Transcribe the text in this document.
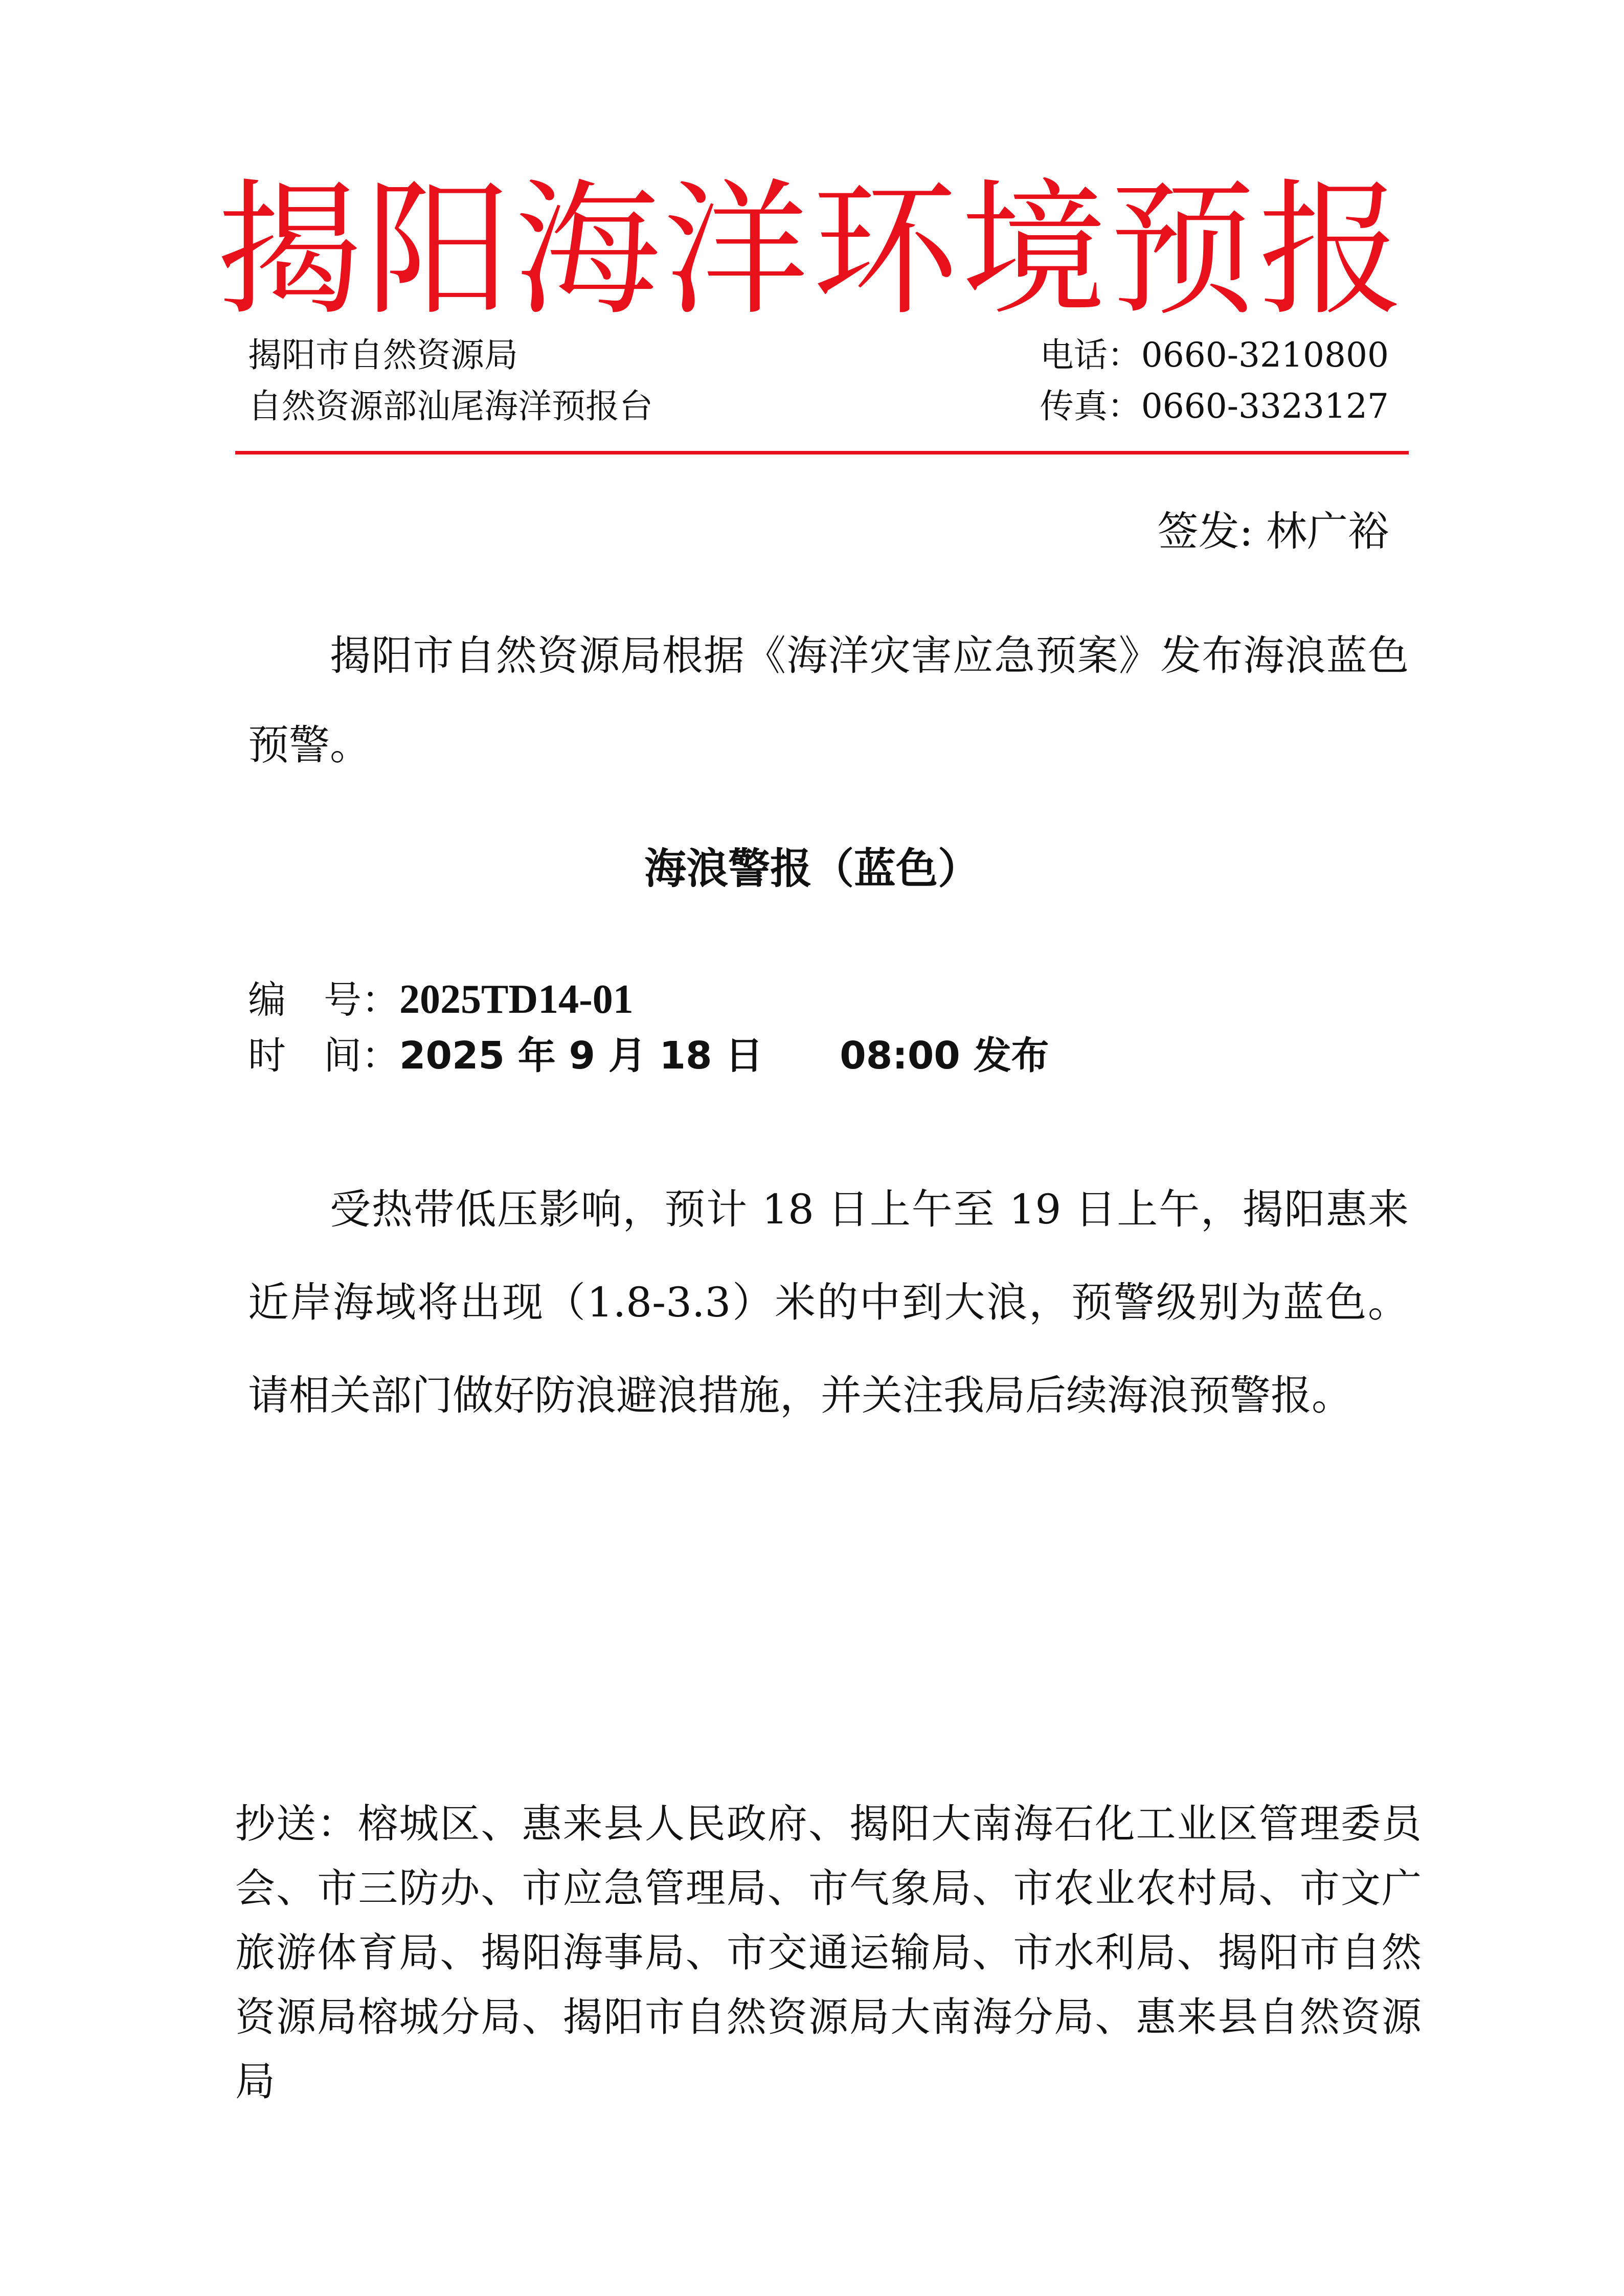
揭阳海洋环境预报
揭阳市自然资源局
自然资源部汕尾海洋预报台
电话：0660-3210800
传真：0660-3323127
签发: 林广裕
揭阳市自然资源局根据《海洋灾害应急预案》发布海浪蓝色预警。
海浪警报（蓝色）
编　号：2025TD14-01
时　间：2025 年 9 月 18 日 08:00 发布
受热带低压影响，预计 18 日上午至 19 日上午，揭阳惠来近岸海域将出现（1.8-3.3）米的中到大浪，预警级别为蓝色。请相关部门做好防浪避浪措施，并关注我局后续海浪预警报。
抄送：榕城区、惠来县人民政府、揭阳大南海石化工业区管理委员会、市三防办、市应急管理局、市气象局、市农业农村局、市文广旅游体育局、揭阳海事局、市交通运输局、市水利局、揭阳市自然资源局榕城分局、揭阳市自然资源局大南海分局、惠来县自然资源局
